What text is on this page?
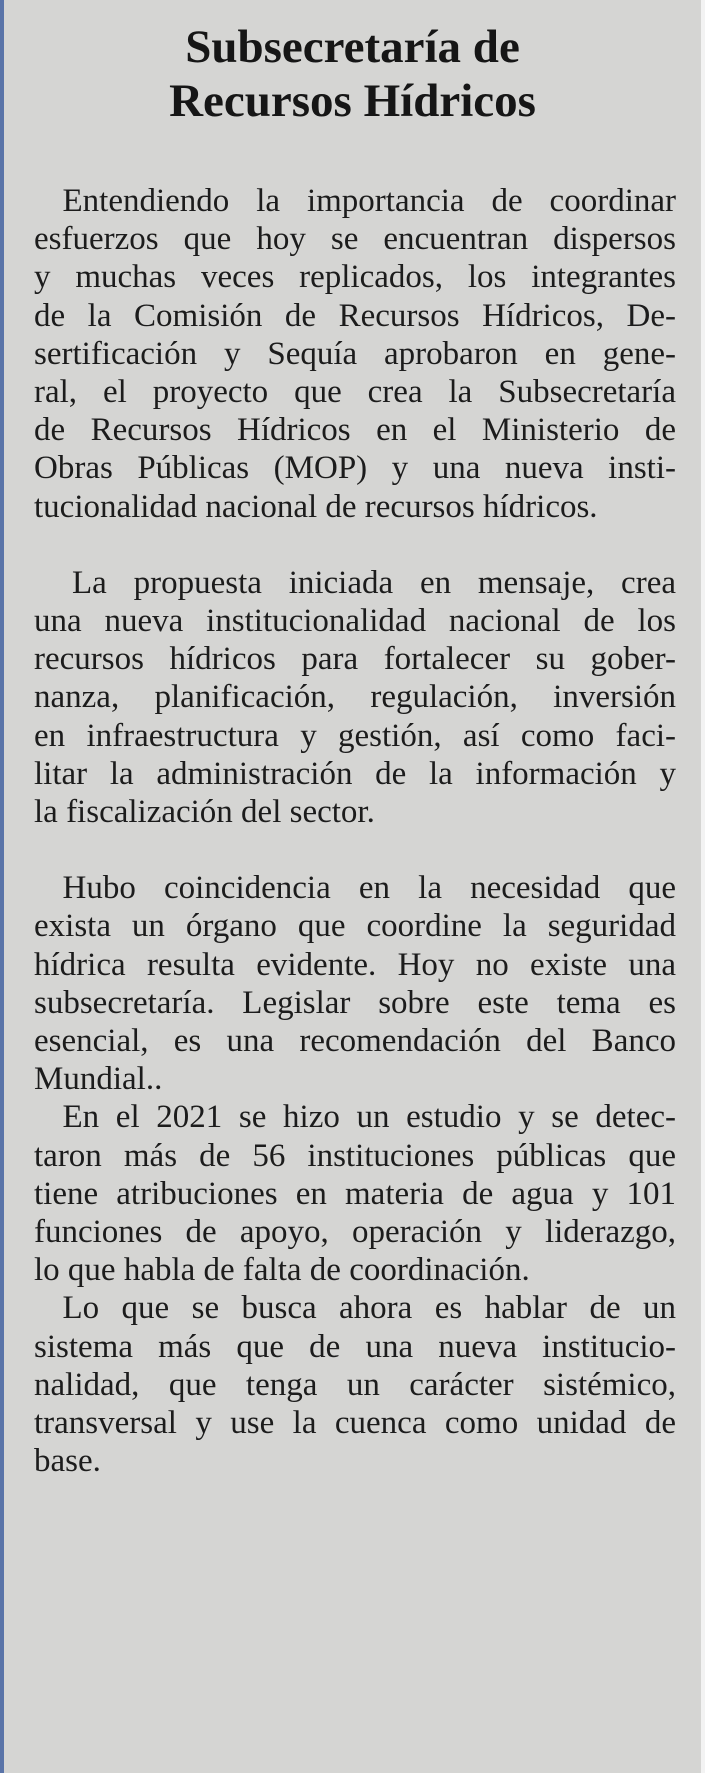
Subsecretaría de
Recursos Hídricos

Entendiendo la importancia de coordinar
esfuerzos que hoy se encuentran dispersos
y muchas veces replicados, los integrantes
de la Comisión de Recursos Hídricos, De-
sertificación y Sequía aprobaron en gene-
ral, el proyecto que crea la Subsecretaría
de Recursos Hídricos en el Ministerio de
Obras Públicas (MOP) y una nueva insti-
tucionalidad nacional de recursos hídricos.

La propuesta iniciada en mensaje, crea
una nueva institucionalidad nacional de los
recursos hídricos para fortalecer su gober-
nanza, planificación, regulación, inversión
en infraestructura y gestión, así como faci-
litar la administración de la información y
la fiscalización del sector.

Hubo coincidencia en la necesidad que
exista un órgano que coordine la seguridad
hídrica resulta evidente. Hoy no existe una
subsecretaría. Legislar sobre este tema es
esencial, es una recomendación del Banco
Mundial..

En el 2021 se hizo un estudio y se detec-
taron más de 56 instituciones públicas que
tiene atribuciones en materia de agua y 101
funciones de apoyo, operación y liderazgo,
lo que habla de falta de coordinación.

Lo que se busca ahora es hablar de un
sistema más que de una nueva institucio-
nalidad, que tenga un carácter sistémico,
transversal y use la cuenca como unidad de
base.
